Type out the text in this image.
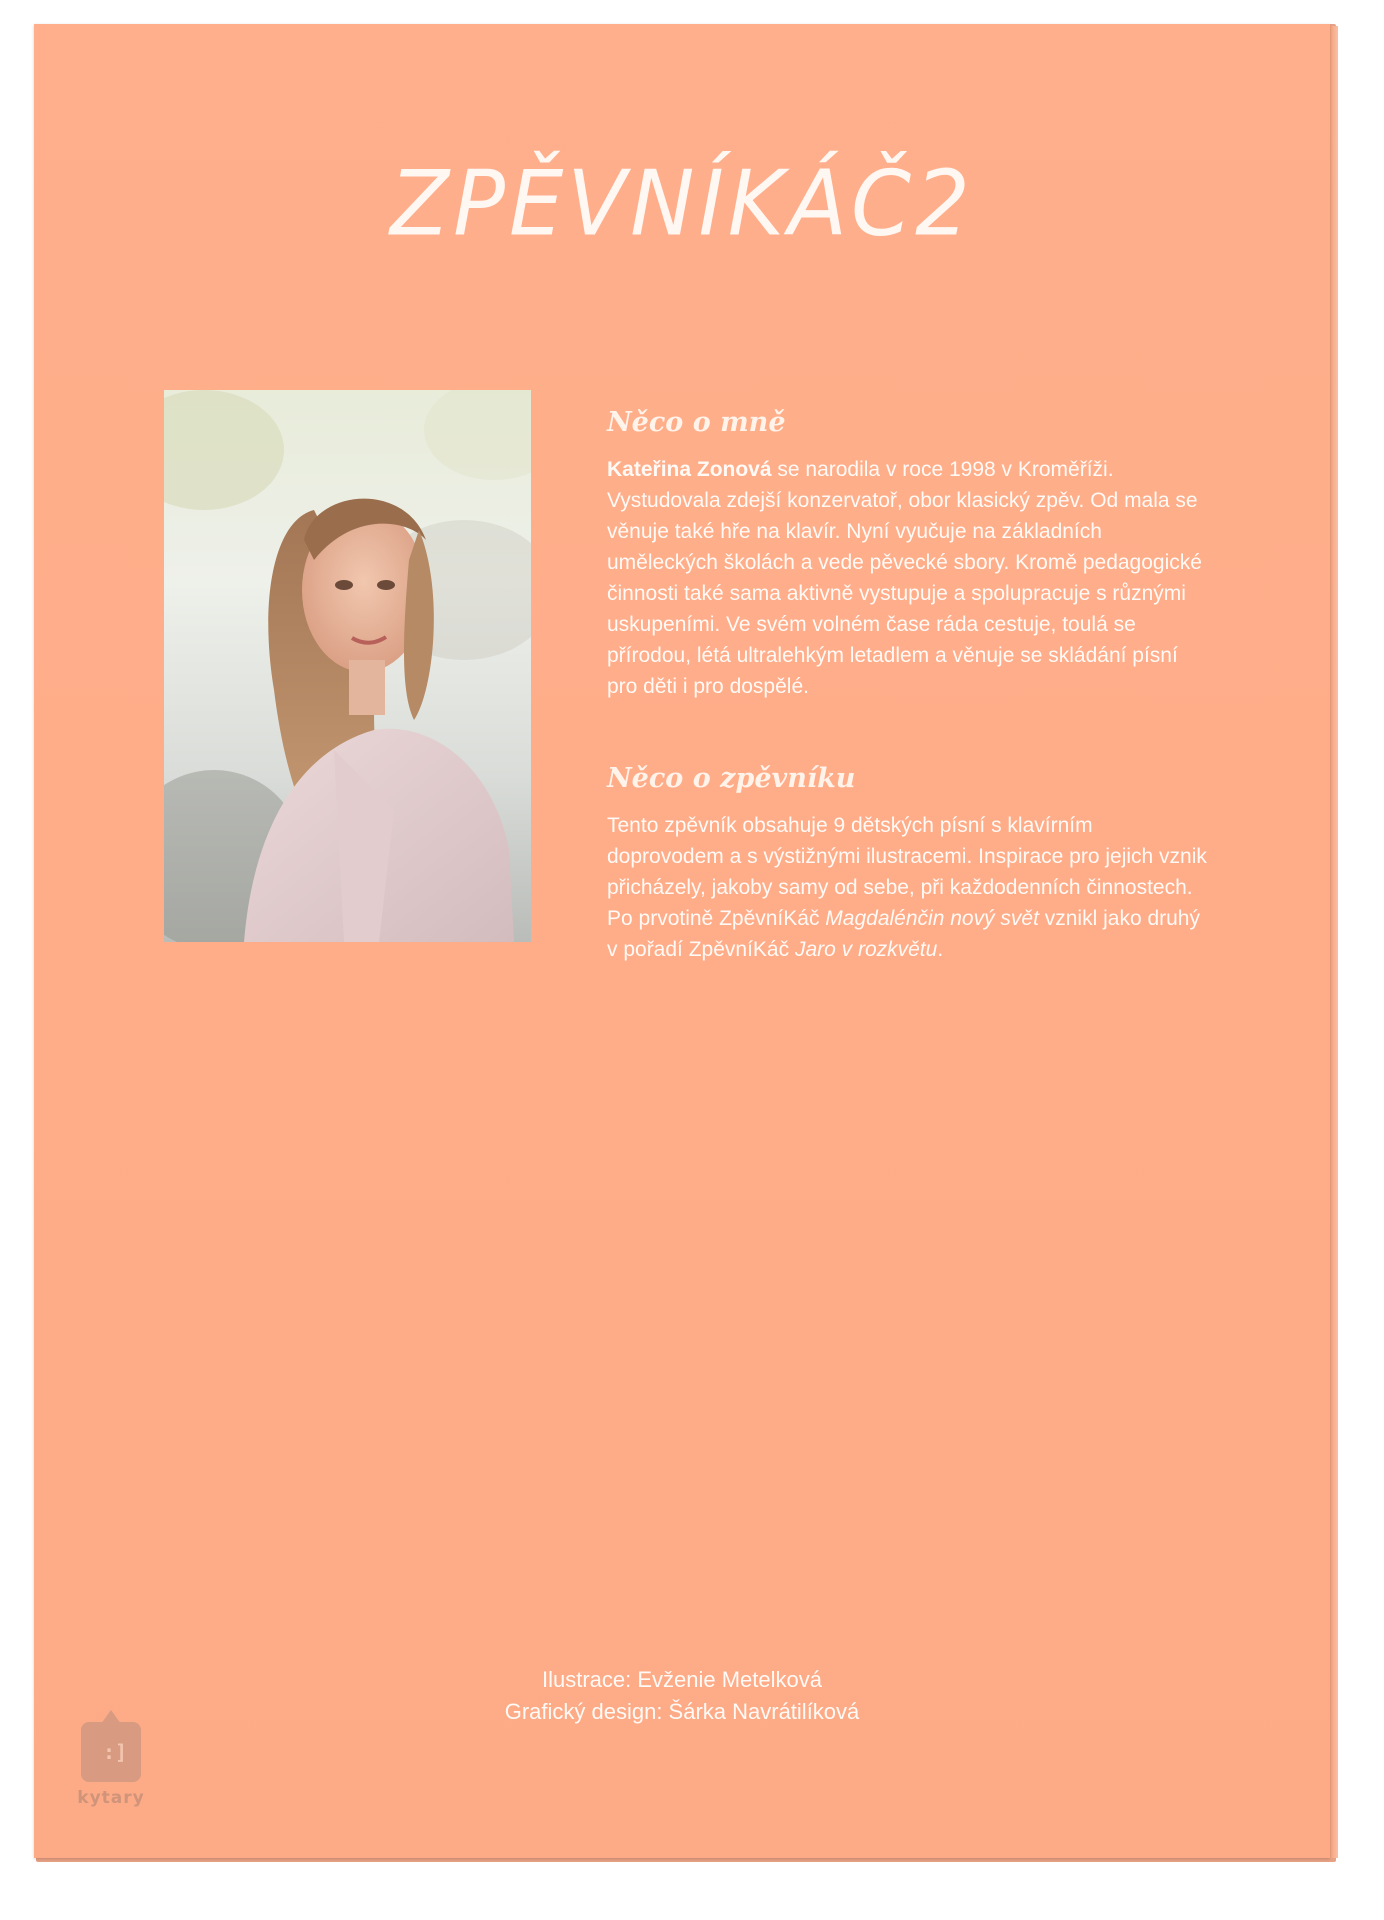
ZPĚVNÍKÁČ2
Něco o mně

Kateřina Zonová se narodila v roce 1998 v Kroměříži. Vystudovala zdejší konzervatoř, obor klasický zpěv. Od mala se věnuje také hře na klavír. Nyní vyučuje na základních uměleckých školách a vede pěvecké sbory. Kromě pedagogické činnosti také sama aktivně vystupuje a spolupracuje s různými uskupeními. Ve svém volném čase ráda cestuje, toulá se přírodou, létá ultralehkým letadlem a věnuje se skládání písní pro děti i pro dospělé.

Něco o zpěvníku

Tento zpěvník obsahuje 9 dětských písní s klavírním doprovodem a s výstižnými ilustracemi. Inspirace pro jejich vznik přicházely, jakoby samy od sebe, při každodenních činnostech. Po prvotině ZpěvníKáč Magdalénčin nový svět vznikl jako druhý v pořadí ZpěvníKáč Jaro v rozkvětu.

Ilustrace: Evženie Metelková
Grafický design: Šárka Navrátilíková
:]
kytary
